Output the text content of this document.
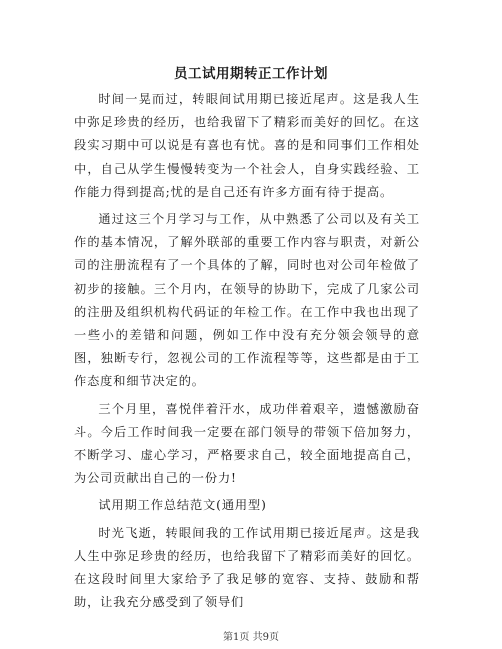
员工试用期转正工作计划

时间一晃而过，转眼间试用期已接近尾声。这是我人生中弥足珍贵的经历，也给我留下了精彩而美好的回忆。在这段实习期中可以说是有喜也有忧。喜的是和同事们工作相处中，自己从学生慢慢转变为一个社会人，自身实践经验、工作能力得到提高;忧的是自己还有许多方面有待于提高。

通过这三个月学习与工作，从中熟悉了公司以及有关工作的基本情况，了解外联部的重要工作内容与职责，对新公司的注册流程有了一个具体的了解，同时也对公司年检做了初步的接触。三个月内，在领导的协助下，完成了几家公司的注册及组织机构代码证的年检工作。在工作中我也出现了一些小的差错和问题，例如工作中没有充分领会领导的意图，独断专行，忽视公司的工作流程等等，这些都是由于工作态度和细节决定的。

三个月里，喜悦伴着汗水，成功伴着艰辛，遗憾激励奋斗。今后工作时间我一定要在部门领导的带领下倍加努力，不断学习、虚心学习，严格要求自己，较全面地提高自己，为公司贡献出自己的一份力!

试用期工作总结范文(通用型)

时光飞逝，转眼间我的工作试用期已接近尾声。这是我人生中弥足珍贵的经历，也给我留下了精彩而美好的回忆。在这段时间里大家给予了我足够的宽容、支持、鼓励和帮助，让我充分感受到了领导们

第1页 共9页
